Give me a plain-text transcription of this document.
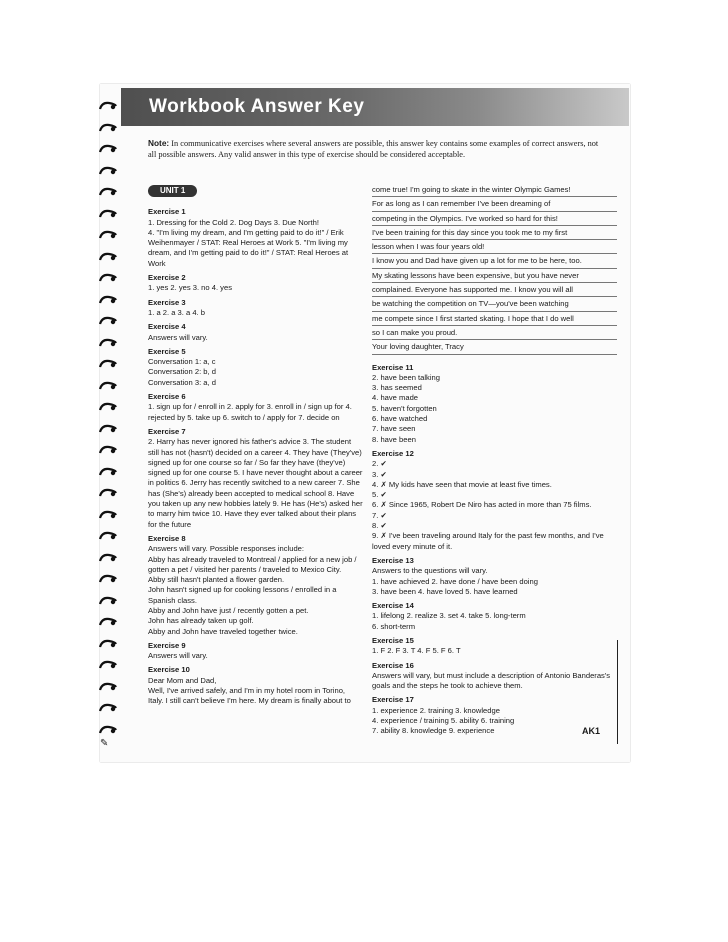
Workbook Answer Key
Note: In communicative exercises where several answers are possible, this answer key contains some examples of correct answers, not all possible answers. Any valid answer in this type of exercise should be considered acceptable.
UNIT 1
Exercise 1
1. Dressing for the Cold 2. Dog Days 3. Due North!
4. "I'm living my dream, and I'm getting paid to do it!" / Erik Weihenmayer / STAT: Real Heroes at Work 5. "I'm living my dream, and I'm getting paid to do it!" / STAT: Real Heroes at Work
Exercise 2
1. yes 2. yes 3. no 4. yes
Exercise 3
1. a 2. a 3. a 4. b
Exercise 4
Answers will vary.
Exercise 5
Conversation 1: a, c
Conversation 2: b, d
Conversation 3: a, d
Exercise 6
1. sign up for / enroll in 2. apply for 3. enroll in / sign up for 4. rejected by 5. take up 6. switch to / apply for 7. decide on
Exercise 7
2. Harry has never ignored his father's advice 3. The student still has not (hasn't) decided on a career 4. They have (They've) signed up for one course so far / So far they have (they've) signed up for one course 5. I have never thought about a career in politics 6. Jerry has recently switched to a new career 7. She has (She's) already been accepted to medical school 8. Have you taken up any new hobbies lately 9. He has (He's) asked her to marry him twice 10. Have they ever talked about their plans for the future
Exercise 8
Answers will vary. Possible responses include:
Abby has already traveled to Montreal / applied for a new job / gotten a pet / visited her parents / traveled to Mexico City.
Abby still hasn't planted a flower garden.
John hasn't signed up for cooking lessons / enrolled in a Spanish class.
Abby and John have just / recently gotten a pet.
John has already taken up golf.
Abby and John have traveled together twice.
Exercise 9
Answers will vary.
Exercise 10
Dear Mom and Dad,
Well, I've arrived safely, and I'm in my hotel room in Torino,
Italy. I still can't believe I'm here. My dream is finally about to
come true! I'm going to skate in the winter Olympic Games!
For as long as I can remember I've been dreaming of
competing in the Olympics. I've worked so hard for this!
I've been training for this day since you took me to my first
lesson when I was four years old!
I know you and Dad have given up a lot for me to be here, too.
My skating lessons have been expensive, but you have never
complained. Everyone has supported me. I know you will all
be watching the competition on TV—you've been watching
me compete since I first started skating. I hope that I do well
so I can make you proud.
Your loving daughter, Tracy
Exercise 11
2. have been talking
3. has seemed
4. have made
5. haven't forgotten
6. have watched
7. have seen
8. have been
Exercise 12
2. ✔
3. ✔
4. ✗ My kids have seen that movie at least five times.
5. ✔
6. ✗ Since 1965, Robert De Niro has acted in more than 75 films.
7. ✔
8. ✔
9. ✗ I've been traveling around Italy for the past few months, and I've loved every minute of it.
Exercise 13
Answers to the questions will vary.
1. have achieved 2. have done / have been doing
3. have been 4. have loved 5. have learned
Exercise 14
1. lifelong 2. realize 3. set 4. take 5. long-term
6. short-term
Exercise 15
1. F 2. F 3. T 4. F 5. F 6. T
Exercise 16
Answers will vary, but must include a description of Antonio Banderas's goals and the steps he took to achieve them.
Exercise 17
1. experience 2. training 3. knowledge
4. experience / training 5. ability 6. training
7. ability 8. knowledge 9. experience	AK1
✎
